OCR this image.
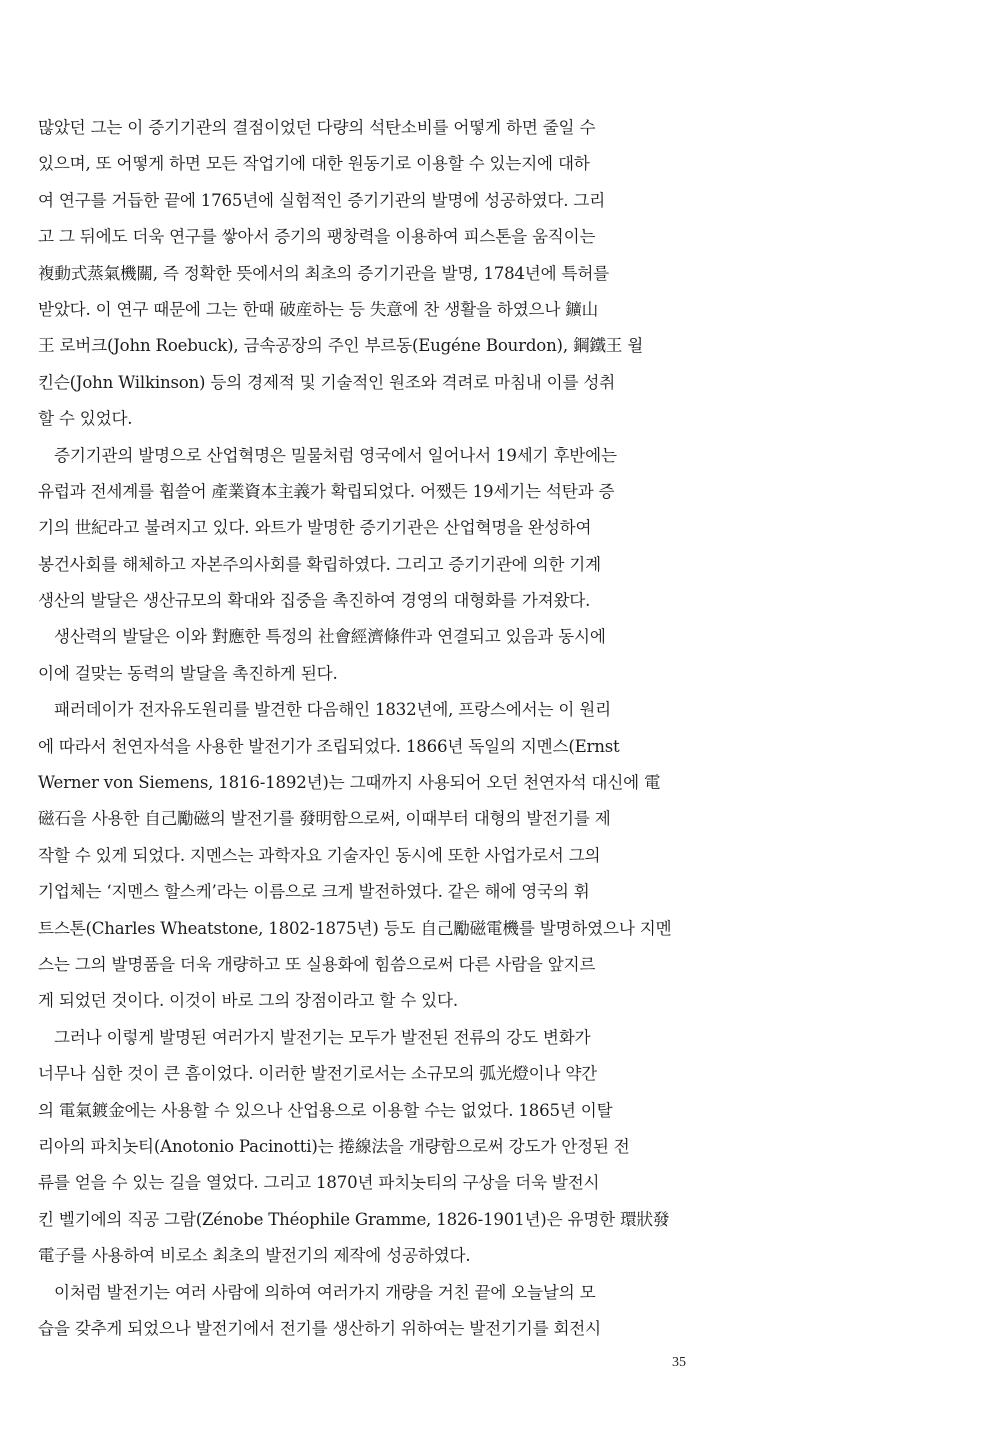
많았던 그는 이 증기기관의 결점이었던 다량의 석탄소비를 어떻게 하면 줄일 수
있으며, 또 어떻게 하면 모든 작업기에 대한 원동기로 이용할 수 있는지에 대하
여 연구를 거듭한 끝에 1765년에 실험적인 증기기관의 발명에 성공하였다. 그리
고 그 뒤에도 더욱 연구를 쌓아서 증기의 팽창력을 이용하여 피스톤을 움직이는
複動式蒸氣機關, 즉 정확한 뜻에서의 최초의 증기기관을 발명, 1784년에 특허를
받았다. 이 연구 때문에 그는 한때 破産하는 등 失意에 찬 생활을 하였으나 鑛山
王 로버크(John Roebuck), 금속공장의 주인 부르동(Eugéne Bourdon), 鋼鐵王 윌
킨슨(John Wilkinson) 등의 경제적 및 기술적인 원조와 격려로 마침내 이를 성취
할 수 있었다.
증기기관의 발명으로 산업혁명은 밀물처럼 영국에서 일어나서 19세기 후반에는
유럽과 전세계를 휩쓸어 產業資本主義가 확립되었다. 어쨌든 19세기는 석탄과 증
기의 世紀라고 불려지고 있다. 와트가 발명한 증기기관은 산업혁명을 완성하여
봉건사회를 해체하고 자본주의사회를 확립하였다. 그리고 증기기관에 의한 기계
생산의 발달은 생산규모의 확대와 집중을 촉진하여 경영의 대형화를 가져왔다.
생산력의 발달은 이와 對應한 특정의 社會經濟條件과 연결되고 있음과 동시에
이에 걸맞는 동력의 발달을 촉진하게 된다.
패러데이가 전자유도원리를 발견한 다음해인 1832년에, 프랑스에서는 이 원리
에 따라서 천연자석을 사용한 발전기가 조립되었다. 1866년 독일의 지멘스(Ernst
Werner von Siemens, 1816-1892년)는 그때까지 사용되어 오던 천연자석 대신에 電
磁石을 사용한 自己勵磁의 발전기를 發明함으로써, 이때부터 대형의 발전기를 제
작할 수 있게 되었다. 지멘스는 과학자요 기술자인 동시에 또한 사업가로서 그의
기업체는 ‘지멘스 할스케’라는 이름으로 크게 발전하였다. 같은 해에 영국의 휘
트스톤(Charles Wheatstone, 1802-1875년) 등도 自己勵磁電機를 발명하였으나 지멘
스는 그의 발명품을 더욱 개량하고 또 실용화에 힘씀으로써 다른 사람을 앞지르
게 되었던 것이다. 이것이 바로 그의 장점이라고 할 수 있다.
그러나 이렇게 발명된 여러가지 발전기는 모두가 발전된 전류의 강도 변화가
너무나 심한 것이 큰 흠이었다. 이러한 발전기로서는 소규모의 弧光燈이나 약간
의 電氣鍍金에는 사용할 수 있으나 산업용으로 이용할 수는 없었다. 1865년 이탈
리아의 파치놋티(Anotonio Pacinotti)는 捲線法을 개량함으로써 강도가 안정된 전
류를 얻을 수 있는 길을 열었다. 그리고 1870년 파치놋티의 구상을 더욱 발전시
킨 벨기에의 직공 그람(Zénobe Théophile Gramme, 1826-1901년)은 유명한 環狀發
電子를 사용하여 비로소 최초의 발전기의 제작에 성공하였다.
이처럼 발전기는 여러 사람에 의하여 여러가지 개량을 거친 끝에 오늘날의 모
습을 갖추게 되었으나 발전기에서 전기를 생산하기 위하여는 발전기기를 회전시
35
